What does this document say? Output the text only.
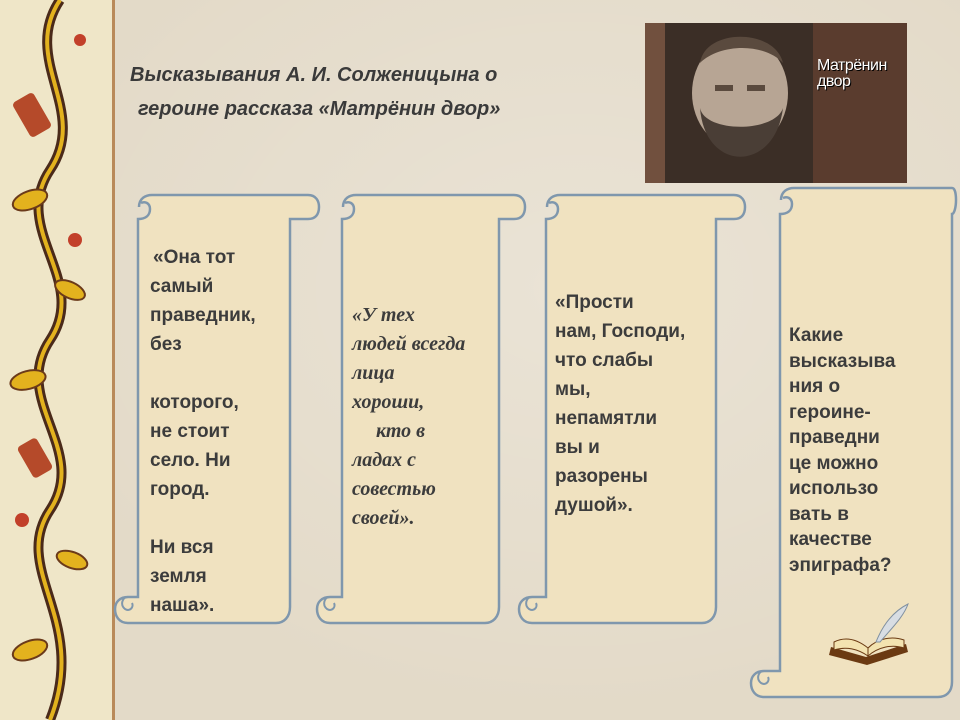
Высказывания А. И. Солженицына о
героине рассказа «Матрёнин двор»
Матрёнин
двор
«Она тот
самый
праведник,
без
которого,
не стоит
село. Ни
город.
Ни вся
земля
наша».
«У тех
людей всегда
лица
хороши,
кто в
ладах с
совестью
своей».
«Прости
нам, Господи,
что слабы
мы,
непамятли
вы и
разорены
душой».
Какие
высказыва
ния о
героине-
праведни
це можно
использо
вать в
качестве
эпиграфа?
